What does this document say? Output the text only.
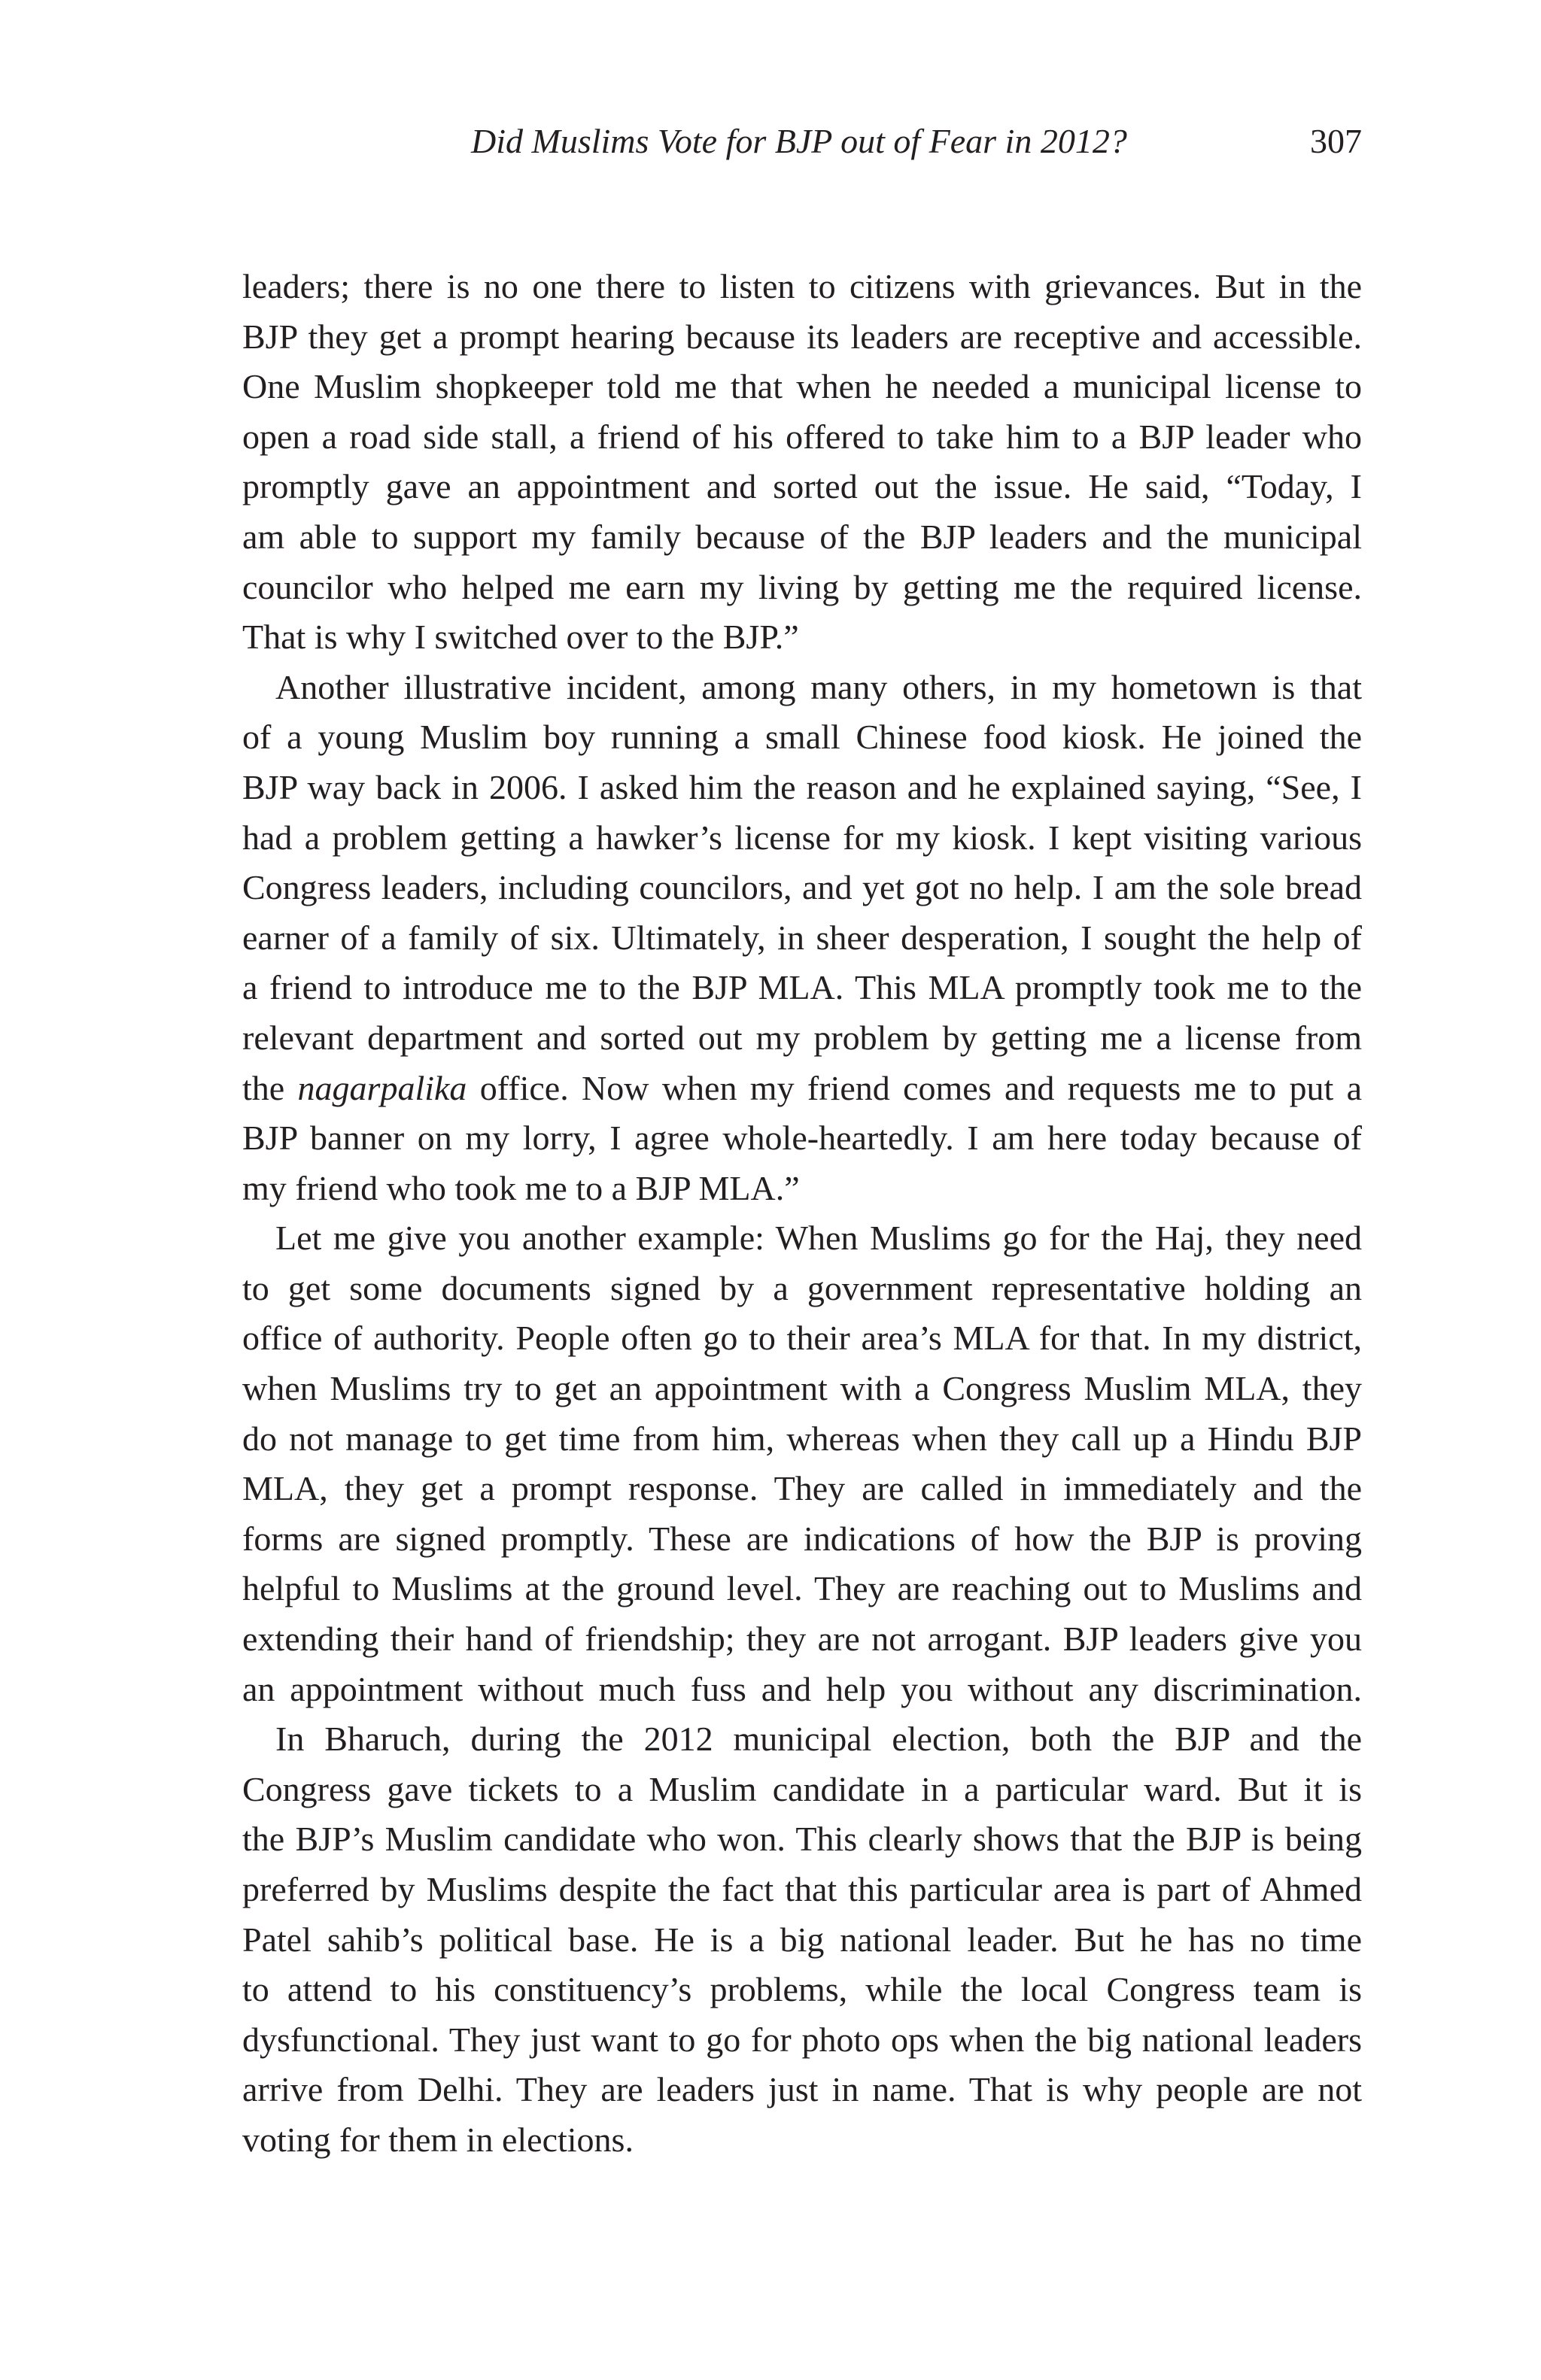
Did Muslims Vote for BJP out of Fear in 2012?	307
leaders; there is no one there to listen to citizens with grievances. But in the
BJP they get a prompt hearing because its leaders are receptive and accessible.
One Muslim shopkeeper told me that when he needed a municipal license to
open a road side stall, a friend of his offered to take him to a BJP leader who
promptly gave an appointment and sorted out the issue. He said, “Today, I
am able to support my family because of the BJP leaders and the municipal
councilor who helped me earn my living by getting me the required license.
That is why I switched over to the BJP.”
Another illustrative incident, among many others, in my hometown is that
of a young Muslim boy running a small Chinese food kiosk. He joined the
BJP way back in 2006. I asked him the reason and he explained saying, “See, I
had a problem getting a hawker’s license for my kiosk. I kept visiting various
Congress leaders, including councilors, and yet got no help. I am the sole bread
earner of a family of six. Ultimately, in sheer desperation, I sought the help of
a friend to introduce me to the BJP MLA. This MLA promptly took me to the
relevant department and sorted out my problem by getting me a license from
the nagarpalika office. Now when my friend comes and requests me to put a
BJP banner on my lorry, I agree whole-heartedly. I am here today because of
my friend who took me to a BJP MLA.”
Let me give you another example: When Muslims go for the Haj, they need
to get some documents signed by a government representative holding an
office of authority. People often go to their area’s MLA for that. In my district,
when Muslims try to get an appointment with a Congress Muslim MLA, they
do not manage to get time from him, whereas when they call up a Hindu BJP
MLA, they get a prompt response. They are called in immediately and the
forms are signed promptly. These are indications of how the BJP is proving
helpful to Muslims at the ground level. They are reaching out to Muslims and
extending their hand of friendship; they are not arrogant. BJP leaders give you
an appointment without much fuss and help you without any discrimination.
In Bharuch, during the 2012 municipal election, both the BJP and the
Congress gave tickets to a Muslim candidate in a particular ward. But it is
the BJP’s Muslim candidate who won. This clearly shows that the BJP is being
preferred by Muslims despite the fact that this particular area is part of Ahmed
Patel sahib’s political base. He is a big national leader. But he has no time
to attend to his constituency’s problems, while the local Congress team is
dysfunctional. They just want to go for photo ops when the big national leaders
arrive from Delhi. They are leaders just in name. That is why people are not
voting for them in elections.
